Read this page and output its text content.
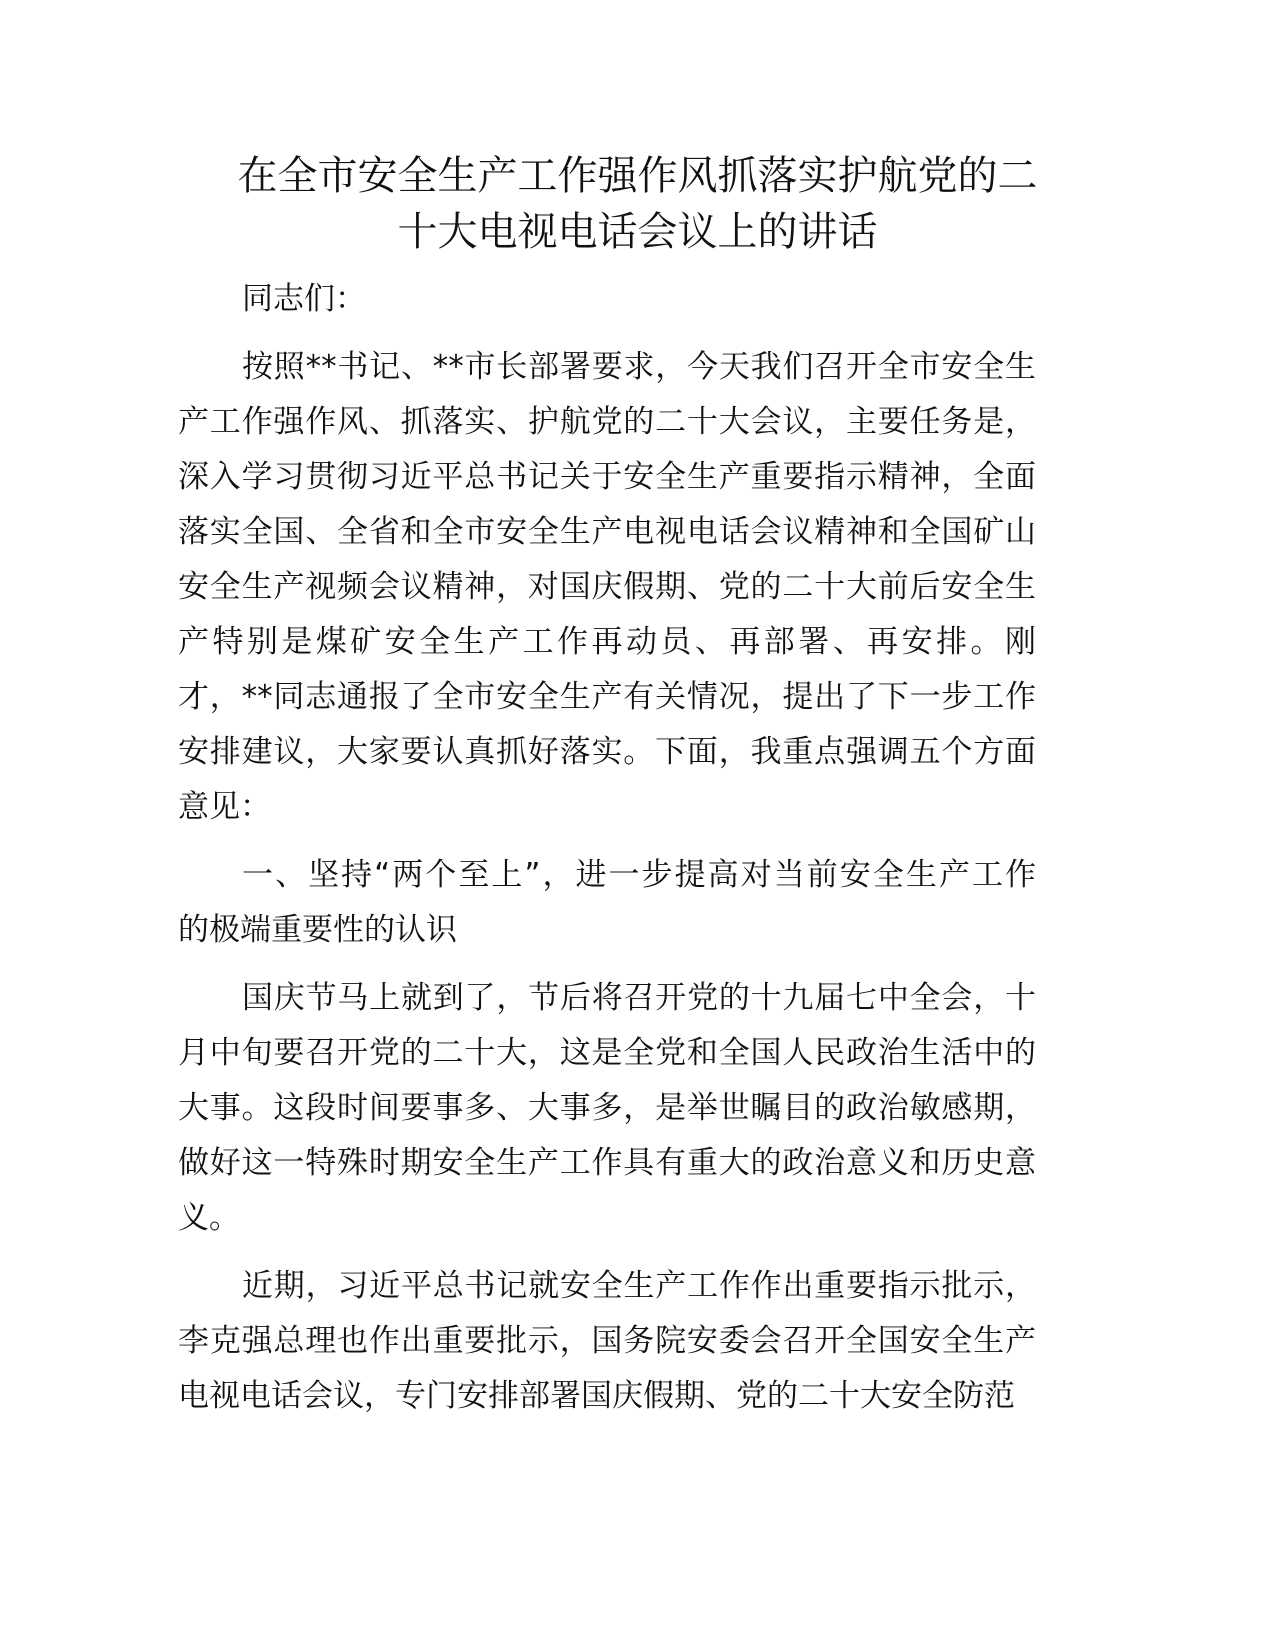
在全市安全生产工作强作风抓落实护航党的二
十大电视电话会议上的讲话
同志们：
按照**书记、**市长部署要求，今天我们召开全市安全生
产工作强作风、抓落实、护航党的二十大会议，主要任务是，
深入学习贯彻习近平总书记关于安全生产重要指示精神，全面
落实全国、全省和全市安全生产电视电话会议精神和全国矿山
安全生产视频会议精神，对国庆假期、党的二十大前后安全生
产特别是煤矿安全生产工作再动员、再部署、再安排。刚
才，**同志通报了全市安全生产有关情况，提出了下一步工作
安排建议，大家要认真抓好落实。下面，我重点强调五个方面
意见：
一、坚持“两个至上”，进一步提高对当前安全生产工作
的极端重要性的认识
国庆节马上就到了，节后将召开党的十九届七中全会，十
月中旬要召开党的二十大，这是全党和全国人民政治生活中的
大事。这段时间要事多、大事多，是举世瞩目的政治敏感期，
做好这一特殊时期安全生产工作具有重大的政治意义和历史意
义。
近期，习近平总书记就安全生产工作作出重要指示批示，
李克强总理也作出重要批示，国务院安委会召开全国安全生产
电视电话会议，专门安排部署国庆假期、党的二十大安全防范
